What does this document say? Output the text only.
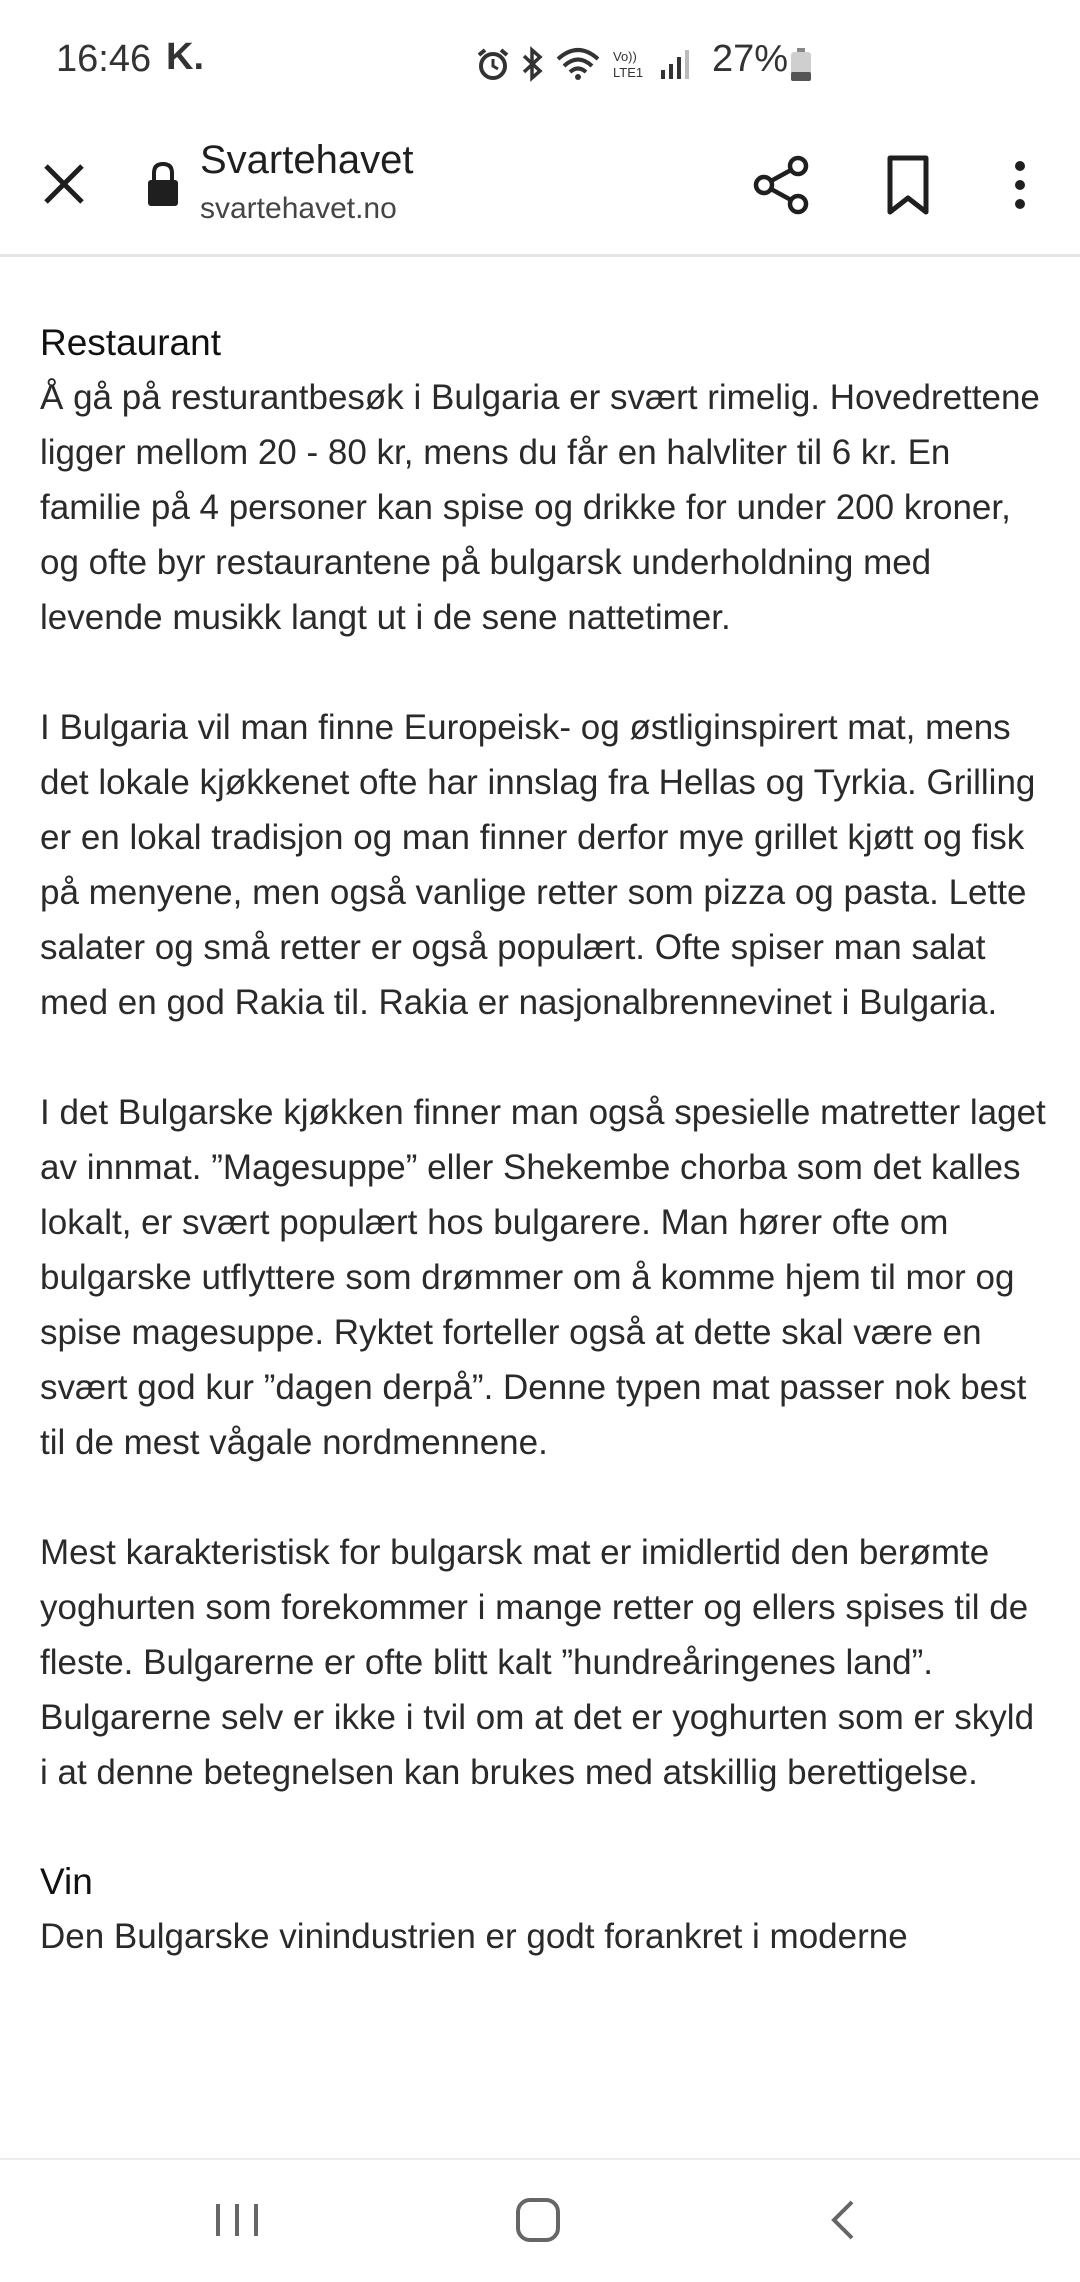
16:46 K.	Vo))
LTE1 27%
Svartehavet
svartehavet.no
Restaurant

Å gå på resturantbesøk i Bulgaria er svært rimelig. Hovedrettene ligger mellom 20 - 80 kr, mens du får en halvliter til 6 kr. En familie på 4 personer kan spise og drikke for under 200 kroner, og ofte byr restaurantene på bulgarsk underholdning med levende musikk langt ut i de sene nattetimer.

I Bulgaria vil man finne Europeisk- og østliginspirert mat, mens det lokale kjøkkenet ofte har innslag fra Hellas og Tyrkia. Grilling er en lokal tradisjon og man finner derfor mye grillet kjøtt og fisk på menyene, men også vanlige retter som pizza og pasta. Lette salater og små retter er også populært. Ofte spiser man salat med en god Rakia til. Rakia er nasjonalbrennevinet i Bulgaria.

I det Bulgarske kjøkken finner man også spesielle matretter laget av innmat. ”Magesuppe” eller Shekembe chorba som det kalles lokalt, er svært populært hos bulgarere. Man hører ofte om bulgarske utflyttere som drømmer om å komme hjem til mor og spise magesuppe. Ryktet forteller også at dette skal være en svært god kur ”dagen derpå”. Denne typen mat passer nok best til de mest vågale nordmennene.

Mest karakteristisk for bulgarsk mat er imidlertid den berømte yoghurten som forekommer i mange retter og ellers spises til de fleste. Bulgarerne er ofte blitt kalt ”hundreåringenes land”. Bulgarerne selv er ikke i tvil om at det er yoghurten som er skyld i at denne betegnelsen kan brukes med atskillig berettigelse.

Vin

Den Bulgarske vinindustrien er godt forankret i moderne
